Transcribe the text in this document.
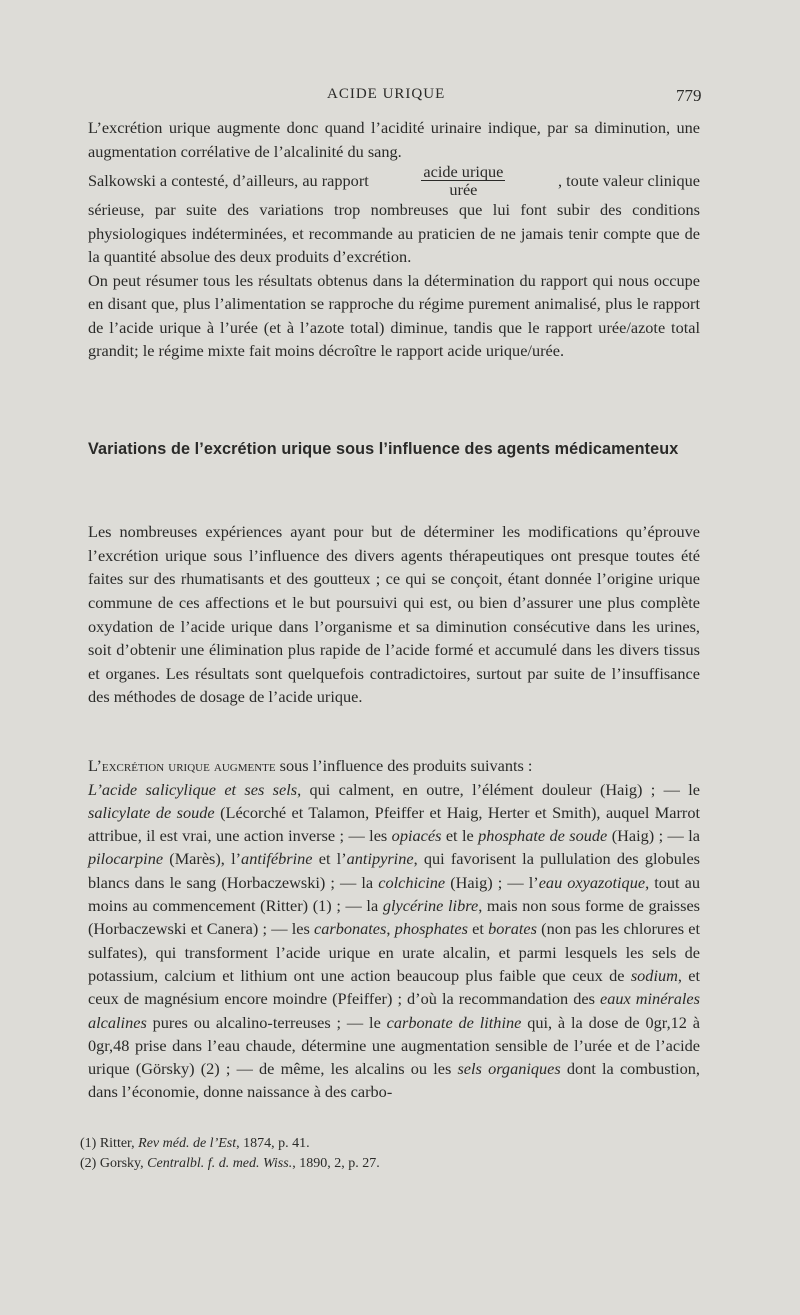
ACIDE URIQUE	779

L’excrétion urique augmente donc quand l’acidité urinaire indique, par sa diminution, une augmentation corrélative de l’alcalinité du sang.

Salkowski a contesté, d’ailleurs, au rapport	$\frac{\text{acide urique}}{\text{urée}}$	, toute valeur clinique

sérieuse, par suite des variations trop nombreuses que lui font subir des conditions physiologiques indéterminées, et recommande au praticien de ne jamais tenir compte que de la quantité absolue des deux produits d’excrétion.

On peut résumer tous les résultats obtenus dans la détermination du rapport qui nous occupe en disant que, plus l’alimentation se rapproche du régime purement animalisé, plus le rapport de l’acide urique à l’urée (et à l’azote total) diminue, tandis que le rapport urée/azote total grandit; le régime mixte fait moins décroître le rapport acide urique/urée.

Variations de l’excrétion urique sous l’influence des agents médicamenteux

Les nombreuses expériences ayant pour but de déterminer les modifications qu’éprouve l’excrétion urique sous l’influence des divers agents thérapeutiques ont presque toutes été faites sur des rhumatisants et des goutteux ; ce qui se conçoit, étant donnée l’origine urique commune de ces affections et le but poursuivi qui est, ou bien d’assurer une plus complète oxydation de l’acide urique dans l’organisme et sa diminution consécutive dans les urines, soit d’obtenir une élimination plus rapide de l’acide formé et accumulé dans les divers tissus et organes. Les résultats sont quelquefois contradictoires, surtout par suite de l’insuffisance des méthodes de dosage de l’acide urique.

L’excrétion urique augmente sous l’influence des produits suivants :
L’acide salicylique et ses sels, qui calment, en outre, l’élément douleur (Haig) ; — le salicylate de soude (Lécorché et Talamon, Pfeiffer et Haig, Herter et Smith), auquel Marrot attribue, il est vrai, une action inverse ; — les opiacés et le phosphate de soude (Haig) ; — la pilocarpine (Marès), l’antifébrine et l’antipyrine, qui favorisent la pullulation des globules blancs dans le sang (Horbaczewski) ; — la colchicine (Haig) ; — l’eau oxyazotique, tout au moins au commencement (Ritter) (1) ; — la glycérine libre, mais non sous forme de graisses (Horbaczewski et Canera) ; — les carbonates, phosphates et borates (non pas les chlorures et sulfates), qui transforment l’acide urique en urate alcalin, et parmi lesquels les sels de potassium, calcium et lithium ont une action beaucoup plus faible que ceux de sodium, et ceux de magnésium encore moindre (Pfeiffer) ; d’où la recommandation des eaux minérales alcalines pures ou alcalino-terreuses ; — le carbonate de lithine qui, à la dose de 0gr,12 à 0gr,48 prise dans l’eau chaude, détermine une augmentation sensible de l’urée et de l’acide urique (Görsky) (2) ; — de même, les alcalins ou les sels organiques dont la combustion, dans l’économie, donne naissance à des carbo-

(1) Ritter, Rev méd. de l’Est, 1874, p. 41.
(2) Gorsky, Centralbl. f. d. med. Wiss., 1890, 2, p. 27.
